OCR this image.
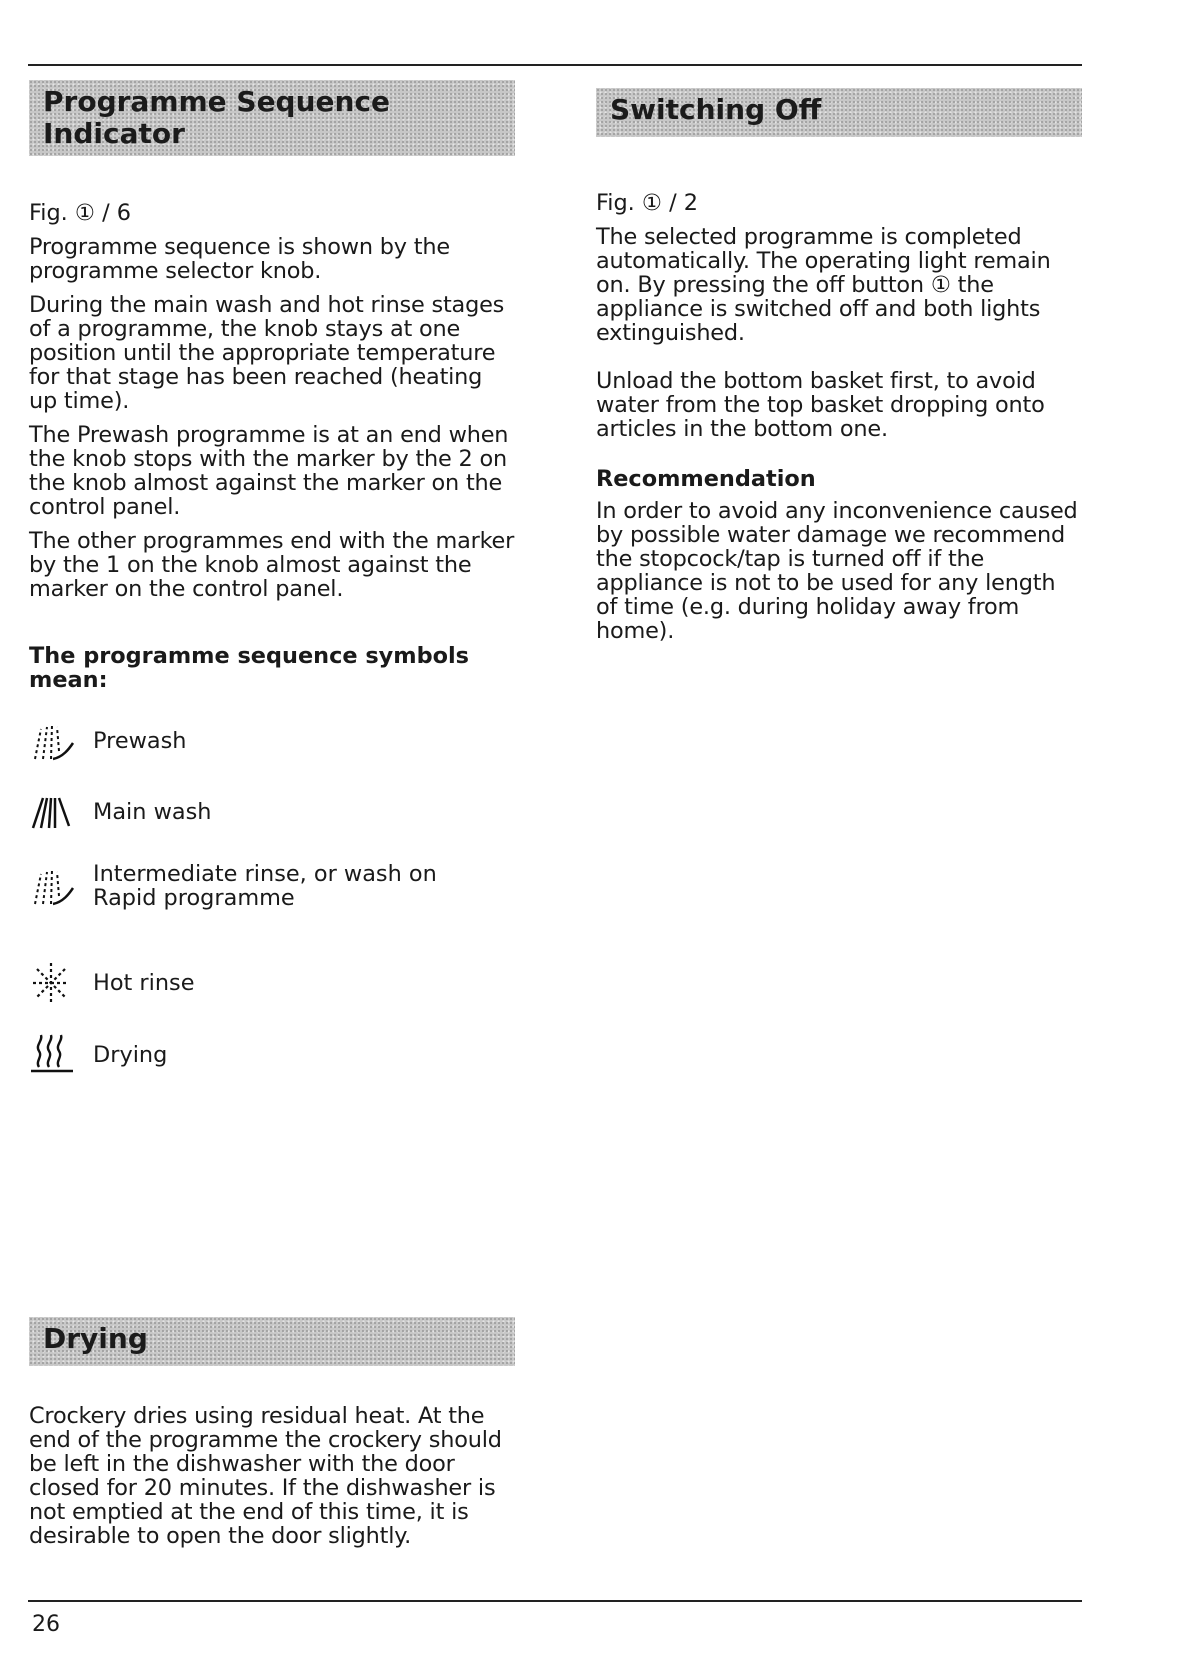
Programme Sequence Indicator
Fig. ① / 6

Programme sequence is shown by the programme selector knob.

During the main wash and hot rinse stages of a programme, the knob stays at one position until the appropriate temperature for that stage has been reached (heating up time).

The Prewash programme is at an end when the knob stops with the marker by the 2 on the knob almost against the marker on the control panel.

The other programmes end with the marker by the 1 on the knob almost against the marker on the control panel.

The programme sequence symbols mean:
Prewash
Main wash
Intermediate rinse, or wash on Rapid programme
Hot rinse
Drying
Drying

Crockery dries using residual heat. At the end of the programme the crockery should be left in the dishwasher with the door closed for 20 minutes. If the dishwasher is not emptied at the end of this time, it is desirable to open the door slightly.

Switching Off
Fig. ① / 2

The selected programme is completed automatically. The operating light remain on. By pressing the off button ① the appliance is switched off and both lights extinguished.

Unload the bottom basket first, to avoid water from the top basket dropping onto articles in the bottom one.

Recommendation

In order to avoid any inconvenience caused by possible water damage we recommend the stopcock/tap is turned off if the appliance is not to be used for any length of time (e.g. during holiday away from home).

26
